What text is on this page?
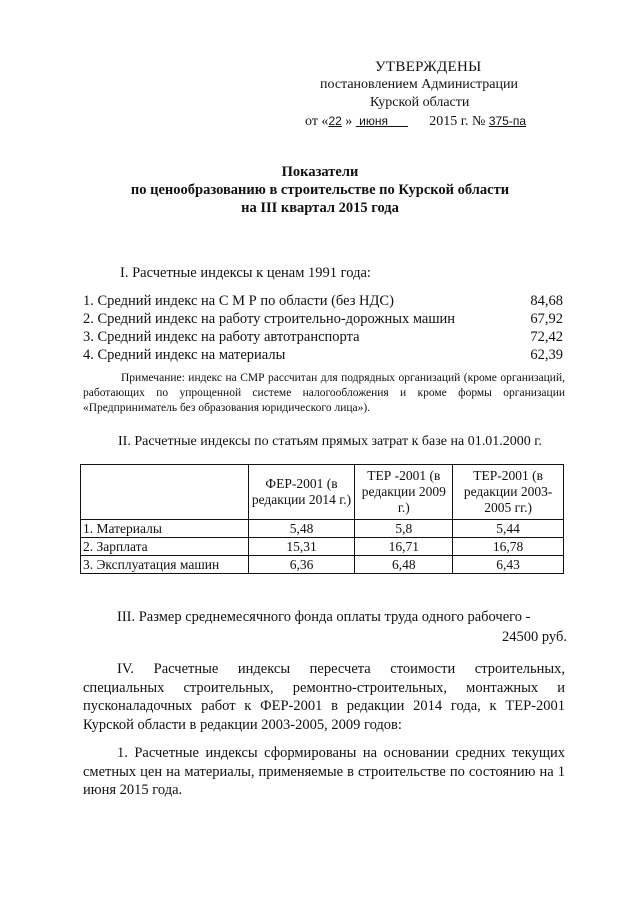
УТВЕРЖДЕНЫ
постановлением Администрации
Курской области
от «22 » июня	2015 г. № 375-па
Показатели
по ценообразованию в строительстве по Курской области
на III квартал 2015 года
I. Расчетные индексы к ценам 1991 года:
1. Средний индекс на С М Р по области (без НДС)	84,68
2. Средний индекс на работу строительно-дорожных машин	67,92
3. Средний индекс на работу автотранспорта	72,42
4. Средний индекс на материалы	62,39

Примечание: индекс на СМР рассчитан для подрядных организаций (кроме организаций, работающих по упрощенной системе налогообложения и кроме формы организации «Предприниматель без образования юридического лица»).

II. Расчетные индексы по статьям прямых затрат к базе на 01.01.2000 г.
	ФЕР-2001 (в редакции 2014 г.)	ТЕР -2001 (в редакции 2009 г.)	ТЕР-2001 (в редакции 2003-2005 гг.)
1. Материалы	5,48	5,8	5,44
2. Зарплата	15,31	16,71	16,78
3. Эксплуатация машин	6,36	6,48	6,43
III. Размер среднемесячного фонда оплаты труда одного рабочего -
24500 руб.

IV. Расчетные индексы пересчета стоимости строительных, специальных строительных, ремонтно-строительных, монтажных и пусконаладочных работ к ФЕР-2001 в редакции 2014 года, к ТЕР-2001 Курской области в редакции 2003-2005, 2009 годов:

1. Расчетные индексы сформированы на основании средних текущих сметных цен на материалы, применяемые в строительстве по состоянию на 1 июня 2015 года.
